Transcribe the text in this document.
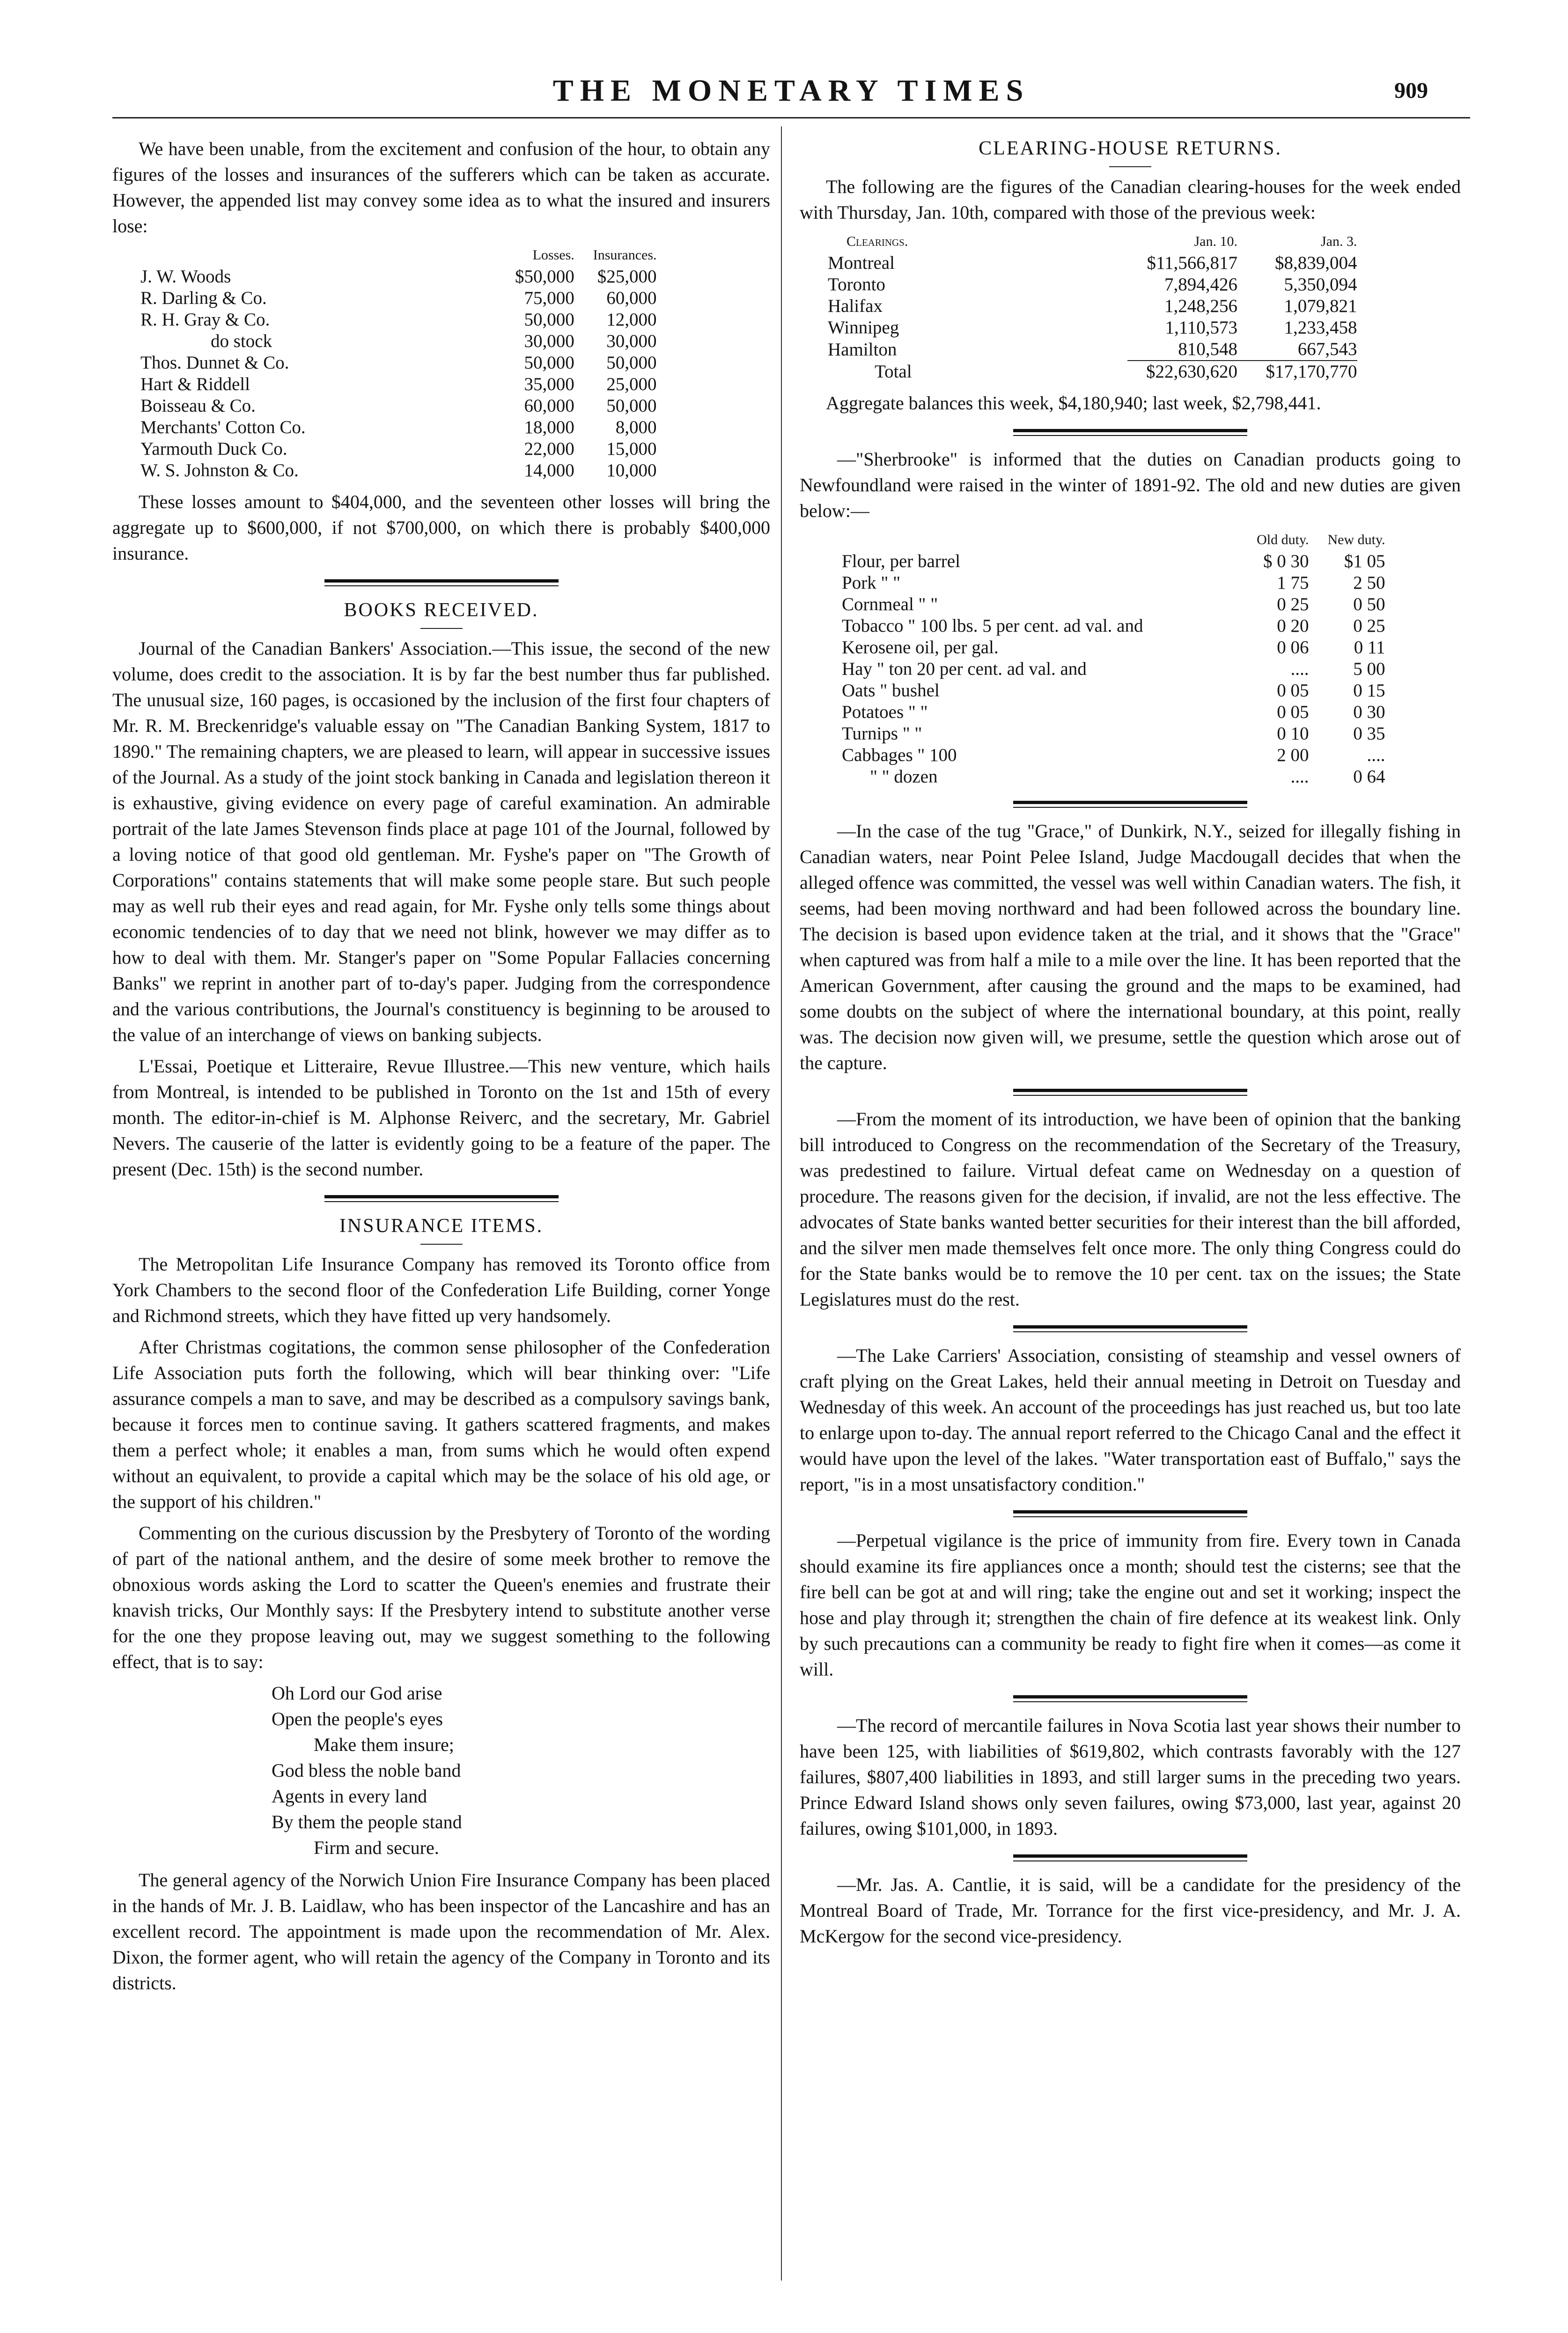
THE MONETARY TIMES	909

We have been unable, from the excitement and confusion of the hour, to obtain any figures of the losses and insurances of the sufferers which can be taken as accurate. However, the appended list may convey some idea as to what the insured and insurers lose:

	Losses.	Insurances.
J. W. Woods	$50,000	$25,000
R. Darling & Co.	75,000	60,000
R. H. Gray & Co.	50,000	12,000
do stock	30,000	30,000
Thos. Dunnet & Co.	50,000	50,000
Hart & Riddell	35,000	25,000
Boisseau & Co.	60,000	50,000
Merchants' Cotton Co.	18,000	8,000
Yarmouth Duck Co.	22,000	15,000
W. S. Johnston & Co.	14,000	10,000

These losses amount to $404,000, and the seventeen other losses will bring the aggregate up to $600,000, if not $700,000, on which there is probably $400,000 insurance.

BOOKS RECEIVED.

Journal of the Canadian Bankers' Association.—This issue, the second of the new volume, does credit to the association. It is by far the best number thus far published. The unusual size, 160 pages, is occasioned by the inclusion of the first four chapters of Mr. R. M. Breckenridge's valuable essay on "The Canadian Banking System, 1817 to 1890." The remaining chapters, we are pleased to learn, will appear in successive issues of the Journal. As a study of the joint stock banking in Canada and legislation thereon it is exhaustive, giving evidence on every page of careful examination. An admirable portrait of the late James Stevenson finds place at page 101 of the Journal, followed by a loving notice of that good old gentleman. Mr. Fyshe's paper on "The Growth of Corporations" contains statements that will make some people stare. But such people may as well rub their eyes and read again, for Mr. Fyshe only tells some things about economic tendencies of to day that we need not blink, however we may differ as to how to deal with them. Mr. Stanger's paper on "Some Popular Fallacies concerning Banks" we reprint in another part of to-day's paper. Judging from the correspondence and the various contributions, the Journal's constituency is beginning to be aroused to the value of an interchange of views on banking subjects.

L'Essai, Poetique et Litteraire, Revue Illustree.—This new venture, which hails from Montreal, is intended to be published in Toronto on the 1st and 15th of every month. The editor-in-chief is M. Alphonse Reiverc, and the secretary, Mr. Gabriel Nevers. The causerie of the latter is evidently going to be a feature of the paper. The present (Dec. 15th) is the second number.

INSURANCE ITEMS.

The Metropolitan Life Insurance Company has removed its Toronto office from York Chambers to the second floor of the Confederation Life Building, corner Yonge and Richmond streets, which they have fitted up very handsomely.

After Christmas cogitations, the common sense philosopher of the Confederation Life Association puts forth the following, which will bear thinking over: "Life assurance compels a man to save, and may be described as a compulsory savings bank, because it forces men to continue saving. It gathers scattered fragments, and makes them a perfect whole; it enables a man, from sums which he would often expend without an equivalent, to provide a capital which may be the solace of his old age, or the support of his children."

Commenting on the curious discussion by the Presbytery of Toronto of the wording of part of the national anthem, and the desire of some meek brother to remove the obnoxious words asking the Lord to scatter the Queen's enemies and frustrate their knavish tricks, Our Monthly says: If the Presbytery intend to substitute another verse for the one they propose leaving out, may we suggest something to the following effect, that is to say:

Oh Lord our God arise
Open the people's eyes
Make them insure;
God bless the noble band
Agents in every land
By them the people stand
Firm and secure.

The general agency of the Norwich Union Fire Insurance Company has been placed in the hands of Mr. J. B. Laidlaw, who has been inspector of the Lancashire and has an excellent record. The appointment is made upon the recommendation of Mr. Alex. Dixon, the former agent, who will retain the agency of the Company in Toronto and its districts.

CLEARING-HOUSE RETURNS.

The following are the figures of the Canadian clearing-houses for the week ended with Thursday, Jan. 10th, compared with those of the previous week:

Clearings.	Jan. 10.	Jan. 3.
Montreal	$11,566,817	$8,839,004
Toronto	7,894,426	5,350,094
Halifax	1,248,256	1,079,821
Winnipeg	1,110,573	1,233,458
Hamilton	810,548	667,543
Total	$22,630,620	$17,170,770

Aggregate balances this week, $4,180,940; last week, $2,798,441.

—"Sherbrooke" is informed that the duties on Canadian products going to Newfoundland were raised in the winter of 1891-92. The old and new duties are given below:—

	Old duty.	New duty.
Flour, per barrel	$ 0 30	$1 05
Pork " "	1 75	2 50
Cornmeal " "	0 25	0 50
Tobacco " 100 lbs. 5 per cent. ad val. and	0 20	0 25
Kerosene oil, per gal.	0 06	0 11
Hay " ton 20 per cent. ad val. and	....	5 00
Oats " bushel	0 05	0 15
Potatoes " "	0 05	0 30
Turnips " "	0 10	0 35
Cabbages " 100	2 00	....
" " dozen	....	0 64

—In the case of the tug "Grace," of Dunkirk, N.Y., seized for illegally fishing in Canadian waters, near Point Pelee Island, Judge Macdougall decides that when the alleged offence was committed, the vessel was well within Canadian waters. The fish, it seems, had been moving northward and had been followed across the boundary line. The decision is based upon evidence taken at the trial, and it shows that the "Grace" when captured was from half a mile to a mile over the line. It has been reported that the American Government, after causing the ground and the maps to be examined, had some doubts on the subject of where the international boundary, at this point, really was. The decision now given will, we presume, settle the question which arose out of the capture.

—From the moment of its introduction, we have been of opinion that the banking bill introduced to Congress on the recommendation of the Secretary of the Treasury, was predestined to failure. Virtual defeat came on Wednesday on a question of procedure. The reasons given for the decision, if invalid, are not the less effective. The advocates of State banks wanted better securities for their interest than the bill afforded, and the silver men made themselves felt once more. The only thing Congress could do for the State banks would be to remove the 10 per cent. tax on the issues; the State Legislatures must do the rest.

—The Lake Carriers' Association, consisting of steamship and vessel owners of craft plying on the Great Lakes, held their annual meeting in Detroit on Tuesday and Wednesday of this week. An account of the proceedings has just reached us, but too late to enlarge upon to-day. The annual report referred to the Chicago Canal and the effect it would have upon the level of the lakes. "Water transportation east of Buffalo," says the report, "is in a most unsatisfactory condition."

—Perpetual vigilance is the price of immunity from fire. Every town in Canada should examine its fire appliances once a month; should test the cisterns; see that the fire bell can be got at and will ring; take the engine out and set it working; inspect the hose and play through it; strengthen the chain of fire defence at its weakest link. Only by such precautions can a community be ready to fight fire when it comes—as come it will.

—The record of mercantile failures in Nova Scotia last year shows their number to have been 125, with liabilities of $619,802, which contrasts favorably with the 127 failures, $807,400 liabilities in 1893, and still larger sums in the preceding two years. Prince Edward Island shows only seven failures, owing $73,000, last year, against 20 failures, owing $101,000, in 1893.

—Mr. Jas. A. Cantlie, it is said, will be a candidate for the presidency of the Montreal Board of Trade, Mr. Torrance for the first vice-presidency, and Mr. J. A. McKergow for the second vice-presidency.
